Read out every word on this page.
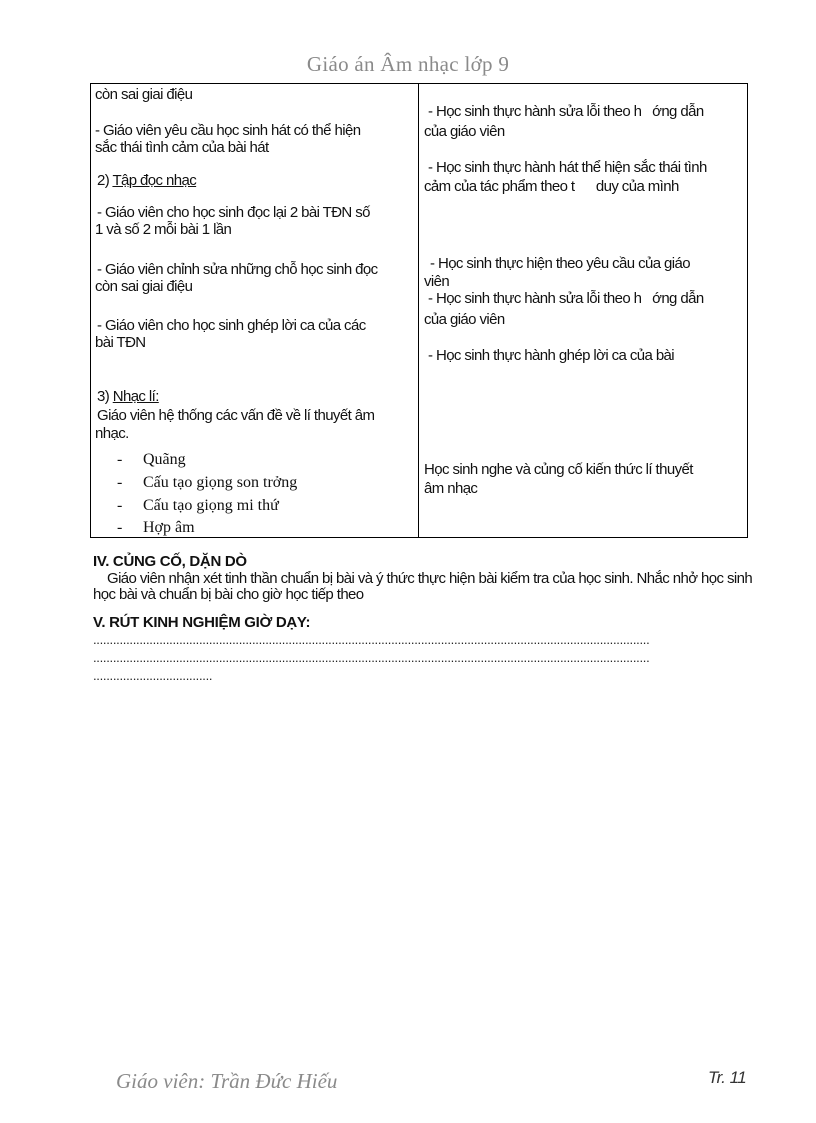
Giáo án Âm nhạc lớp 9
còn sai giai điệu
- Giáo viên yêu cầu học sinh hát có thể hiện
sắc thái tình cảm của bài hát
2) Tập đọc nhạc
- Giáo viên cho học sinh đọc lại 2 bài TĐN số
1 và số 2 mỗi bài 1 lần
- Giáo viên chỉnh sửa những chỗ học sinh đọc
còn sai giai điệu
- Giáo viên cho học sinh ghép lời ca của các
bài TĐN
3) Nhạc lí:
Giáo viên hệ thống các vấn đề về lí thuyết âm
nhạc.
- Quãng
- Cấu tạo giọng son trởng
- Cấu tạo giọng mi thứ
- Hợp âm
- Học sinh thực hành sửa lỗi theo h   ớng dẫn
của giáo viên
- Học sinh thực hành hát thể hiện sắc thái tình
cảm của tác phẩm theo t      duy của mình
- Học sinh thực hiện theo yêu cầu của giáo
viên
- Học sinh thực hành sửa lỗi theo h   ớng dẫn
của giáo viên
- Học sinh thực hành ghép lời ca của bài
Học sinh nghe và củng cố kiến thức lí thuyết
âm nhạc
IV. CỦNG CỐ, DẶN DÒ
Giáo viên nhận xét tinh thần chuẩn bị bài và ý thức thực hiện bài kiểm tra của học sinh. Nhắc nhở học sinh học bài và chuẩn bị bài cho giờ học tiếp theo
V. RÚT KINH NGHIỆM GIỜ DẠY:
........................................................................................................................................................................
........................................................................................................................................................................
....................................
Giáo viên: Trần Đức Hiếu	Tr. 11
